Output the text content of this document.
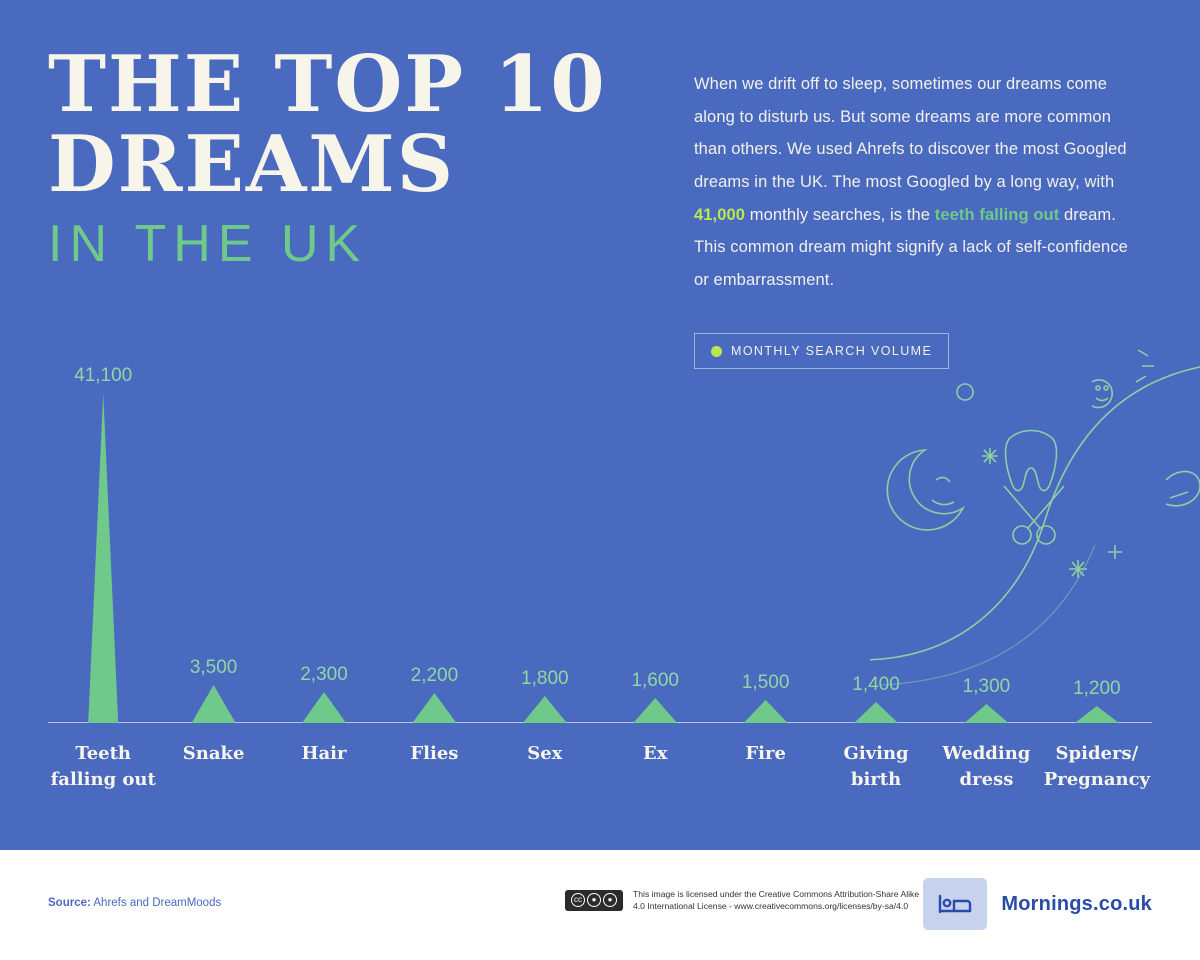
THE TOP 10
DREAMS
IN THE UK
When we drift off to sleep, sometimes our dreams come along to disturb us. But some dreams are more common than others. We used Ahrefs to discover the most Googled dreams in the UK. The most Googled by a long way, with 41,000 monthly searches, is the teeth falling out dream. This common dream might signify a lack of self-confidence or embarrassment.
MONTHLY SEARCH VOLUME
41,100
3,500	2,300	2,200	1,800	1,600	1,500	1,400	1,300	1,200
Teeth
falling out
Snake	Hair	Flies	Sex	Ex	Fire	Giving
birth
Wedding
dress
Spiders/
Pregnancy
Source: Ahrefs and DreamMoods	cc	●	●
This image is licensed under the Creative Commons Attribution-Share Alike
4.0 International License - www.creativecommons.org/licenses/by-sa/4.0	Mornings.co.uk
